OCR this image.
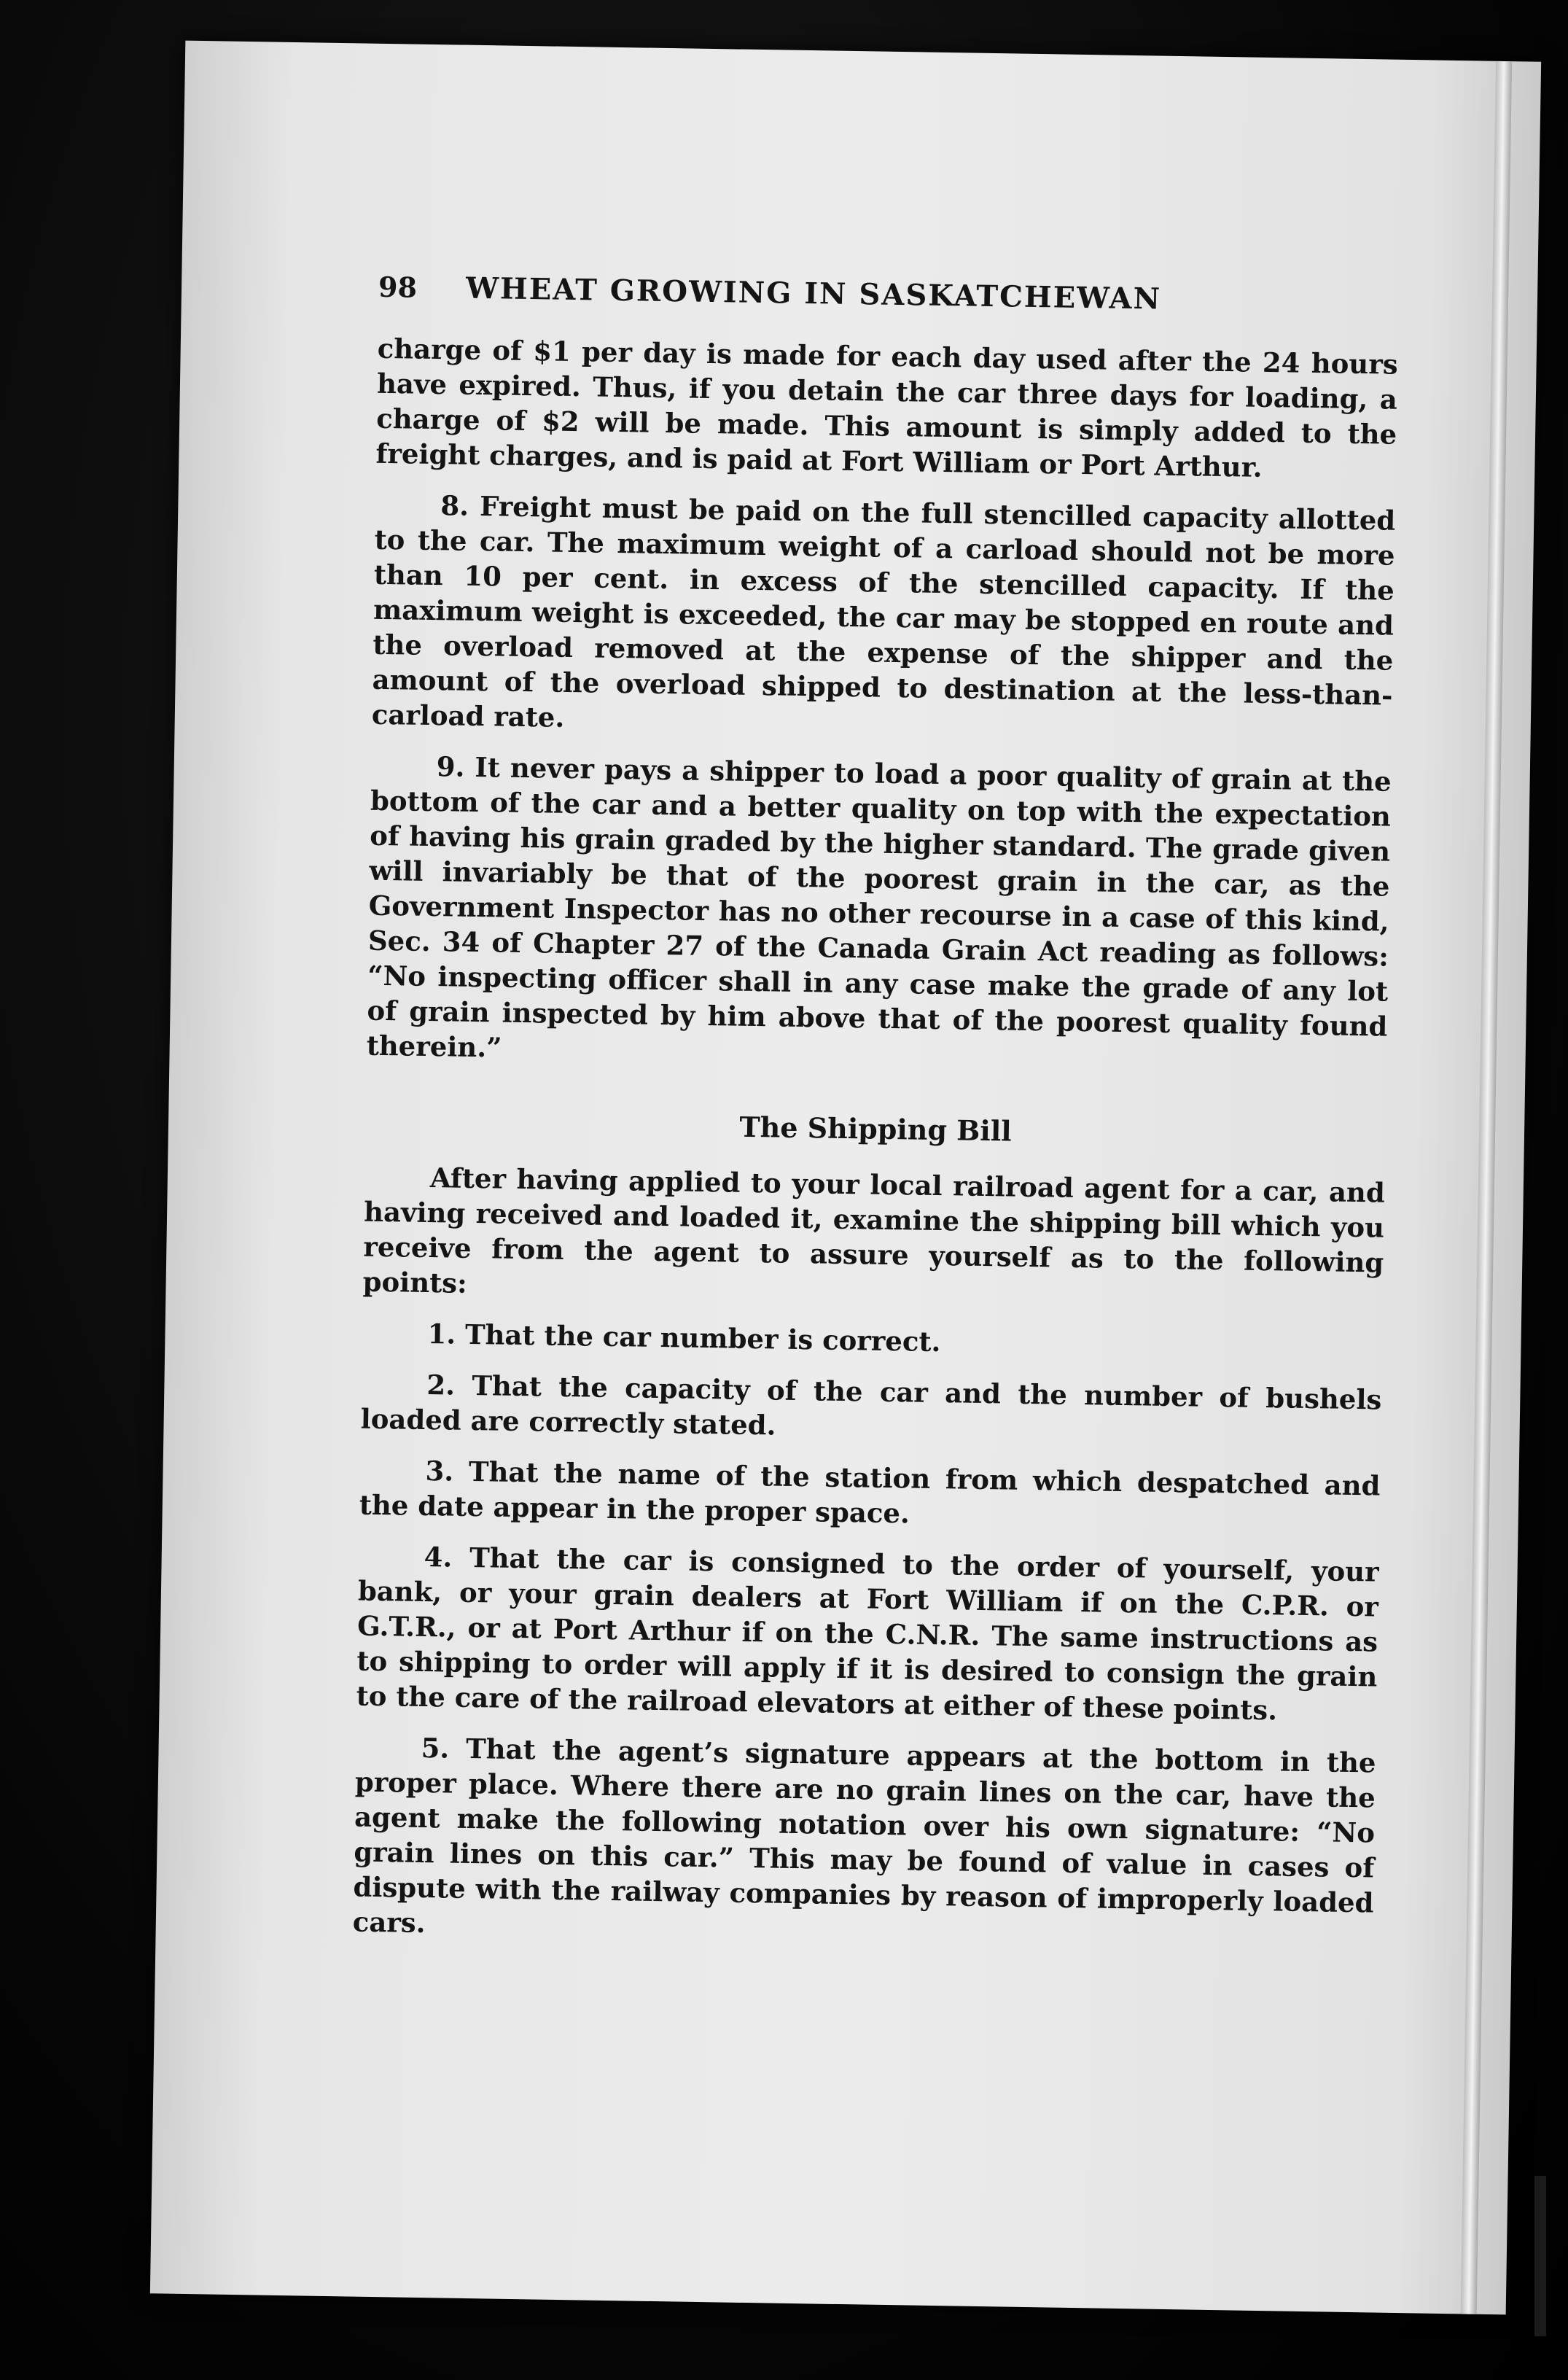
98	WHEAT GROWING IN SASKATCHEWAN

charge of $1 per day is made for each day used after the 24 hours have expired. Thus, if you detain the car three days for loading, a charge of $2 will be made. This amount is simply added to the freight charges, and is paid at Fort William or Port Arthur.

8. Freight must be paid on the full stencilled capacity allotted to the car. The maximum weight of a carload should not be more than 10 per cent. in excess of the stencilled capacity. If the maximum weight is exceeded, the car may be stopped en route and the overload removed at the expense of the shipper and the amount of the overload shipped to destination at the less-than-carload rate.

9. It never pays a shipper to load a poor quality of grain at the bottom of the car and a better quality on top with the expectation of having his grain graded by the higher standard. The grade given will invariably be that of the poorest grain in the car, as the Government Inspector has no other recourse in a case of this kind, Sec. 34 of Chapter 27 of the Canada Grain Act reading as follows: “No inspecting officer shall in any case make the grade of any lot of grain inspected by him above that of the poorest quality found therein.”

The Shipping Bill

After having applied to your local railroad agent for a car, and having received and loaded it, examine the shipping bill which you receive from the agent to assure yourself as to the following points:

1. That the car number is correct.

2. That the capacity of the car and the number of bushels loaded are correctly stated.

3. That the name of the station from which despatched and the date appear in the proper space.

4. That the car is consigned to the order of yourself, your bank, or your grain dealers at Fort William if on the C.P.R. or G.T.R., or at Port Arthur if on the C.N.R. The same instructions as to shipping to order will apply if it is desired to consign the grain to the care of the railroad elevators at either of these points.

5. That the agent’s signature appears at the bottom in the proper place. Where there are no grain lines on the car, have the agent make the following notation over his own signature: “No grain lines on this car.” This may be found of value in cases of dispute with the railway companies by reason of improperly loaded cars.
